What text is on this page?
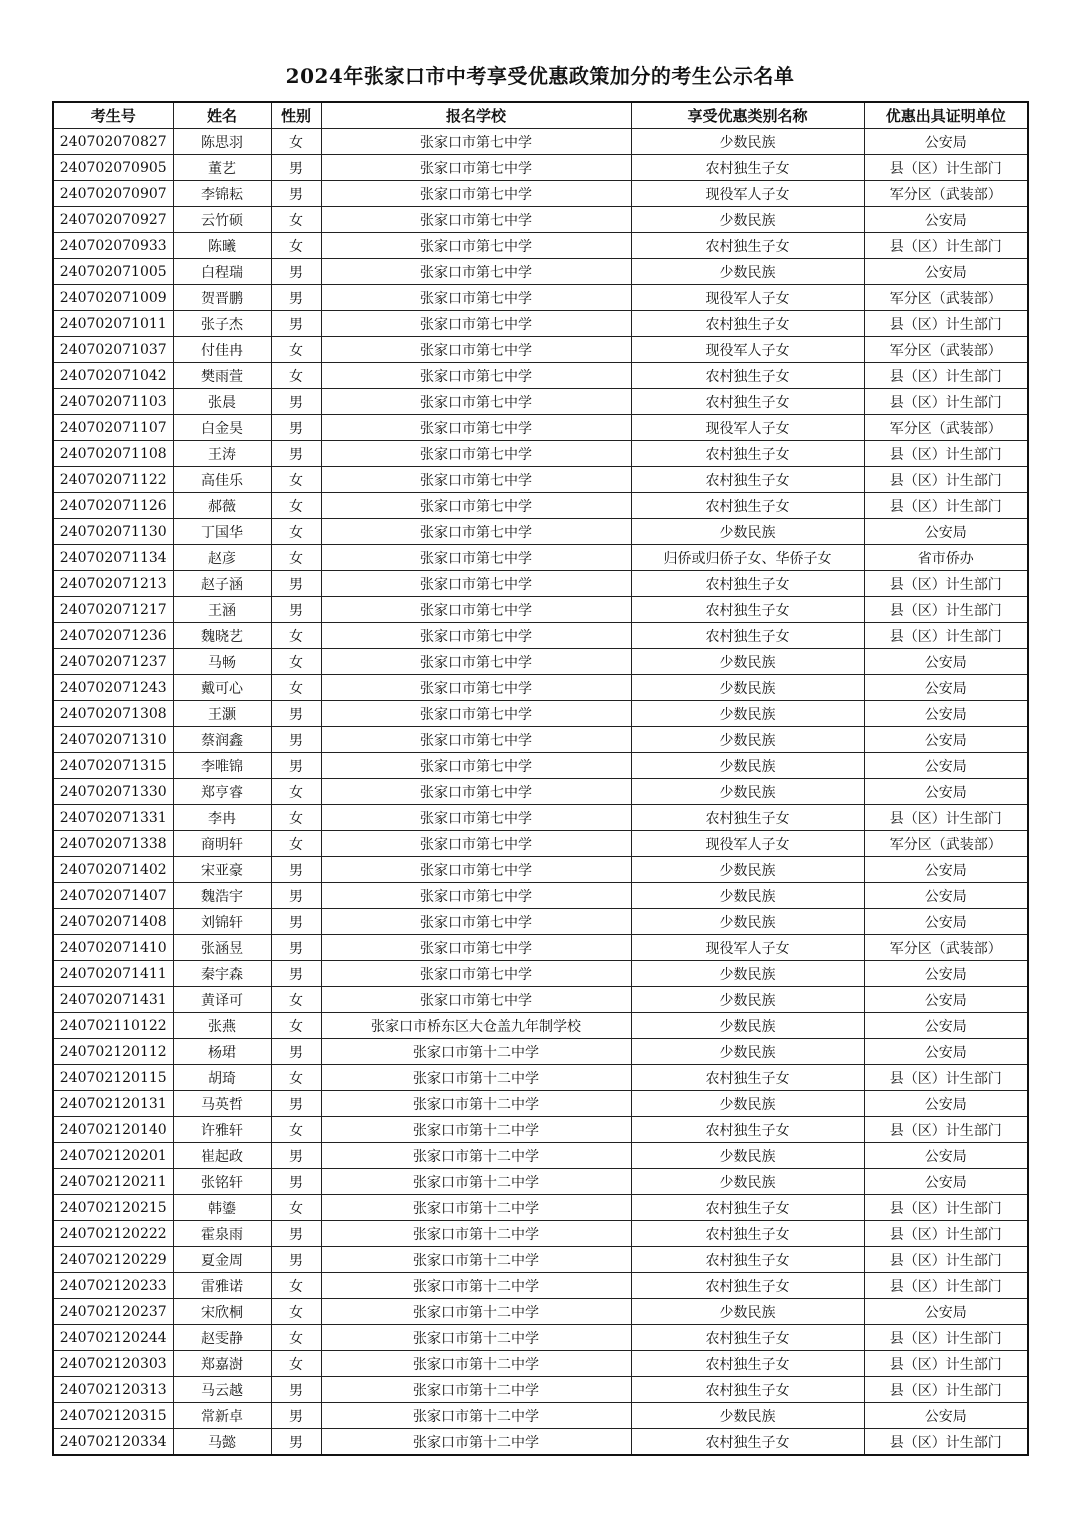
2024年张家口市中考享受优惠政策加分的考生公示名单
考生号	姓名	性别	报名学校	享受优惠类别名称	优惠出具证明单位
240702070827	陈思羽	女	张家口市第七中学	少数民族	公安局
240702070905	董艺	男	张家口市第七中学	农村独生子女	县（区）计生部门
240702070907	李锦耘	男	张家口市第七中学	现役军人子女	军分区（武装部）
240702070927	云竹硕	女	张家口市第七中学	少数民族	公安局
240702070933	陈曦	女	张家口市第七中学	农村独生子女	县（区）计生部门
240702071005	白程瑞	男	张家口市第七中学	少数民族	公安局
240702071009	贺晋鹏	男	张家口市第七中学	现役军人子女	军分区（武装部）
240702071011	张子杰	男	张家口市第七中学	农村独生子女	县（区）计生部门
240702071037	付佳冉	女	张家口市第七中学	现役军人子女	军分区（武装部）
240702071042	樊雨萱	女	张家口市第七中学	农村独生子女	县（区）计生部门
240702071103	张晨	男	张家口市第七中学	农村独生子女	县（区）计生部门
240702071107	白金昊	男	张家口市第七中学	现役军人子女	军分区（武装部）
240702071108	王涛	男	张家口市第七中学	农村独生子女	县（区）计生部门
240702071122	高佳乐	女	张家口市第七中学	农村独生子女	县（区）计生部门
240702071126	郝薇	女	张家口市第七中学	农村独生子女	县（区）计生部门
240702071130	丁国华	女	张家口市第七中学	少数民族	公安局
240702071134	赵彦	女	张家口市第七中学	归侨或归侨子女、华侨子女	省市侨办
240702071213	赵子涵	男	张家口市第七中学	农村独生子女	县（区）计生部门
240702071217	王涵	男	张家口市第七中学	农村独生子女	县（区）计生部门
240702071236	魏晓艺	女	张家口市第七中学	农村独生子女	县（区）计生部门
240702071237	马畅	女	张家口市第七中学	少数民族	公安局
240702071243	戴可心	女	张家口市第七中学	少数民族	公安局
240702071308	王灏	男	张家口市第七中学	少数民族	公安局
240702071310	蔡润鑫	男	张家口市第七中学	少数民族	公安局
240702071315	李唯锦	男	张家口市第七中学	少数民族	公安局
240702071330	郑亨睿	女	张家口市第七中学	少数民族	公安局
240702071331	李冉	女	张家口市第七中学	农村独生子女	县（区）计生部门
240702071338	商明轩	女	张家口市第七中学	现役军人子女	军分区（武装部）
240702071402	宋亚豪	男	张家口市第七中学	少数民族	公安局
240702071407	魏浩宇	男	张家口市第七中学	少数民族	公安局
240702071408	刘锦轩	男	张家口市第七中学	少数民族	公安局
240702071410	张涵昱	男	张家口市第七中学	现役军人子女	军分区（武装部）
240702071411	秦宇森	男	张家口市第七中学	少数民族	公安局
240702071431	黄译可	女	张家口市第七中学	少数民族	公安局
240702110122	张燕	女	张家口市桥东区大仓盖九年制学校	少数民族	公安局
240702120112	杨珺	男	张家口市第十二中学	少数民族	公安局
240702120115	胡琦	女	张家口市第十二中学	农村独生子女	县（区）计生部门
240702120131	马英哲	男	张家口市第十二中学	少数民族	公安局
240702120140	许雅轩	女	张家口市第十二中学	农村独生子女	县（区）计生部门
240702120201	崔起政	男	张家口市第十二中学	少数民族	公安局
240702120211	张铭轩	男	张家口市第十二中学	少数民族	公安局
240702120215	韩鎏	女	张家口市第十二中学	农村独生子女	县（区）计生部门
240702120222	霍泉雨	男	张家口市第十二中学	农村独生子女	县（区）计生部门
240702120229	夏金周	男	张家口市第十二中学	农村独生子女	县（区）计生部门
240702120233	雷雅诺	女	张家口市第十二中学	农村独生子女	县（区）计生部门
240702120237	宋欣桐	女	张家口市第十二中学	少数民族	公安局
240702120244	赵雯静	女	张家口市第十二中学	农村独生子女	县（区）计生部门
240702120303	郑嘉澍	女	张家口市第十二中学	农村独生子女	县（区）计生部门
240702120313	马云越	男	张家口市第十二中学	农村独生子女	县（区）计生部门
240702120315	常新卓	男	张家口市第十二中学	少数民族	公安局
240702120334	马懿	男	张家口市第十二中学	农村独生子女	县（区）计生部门
